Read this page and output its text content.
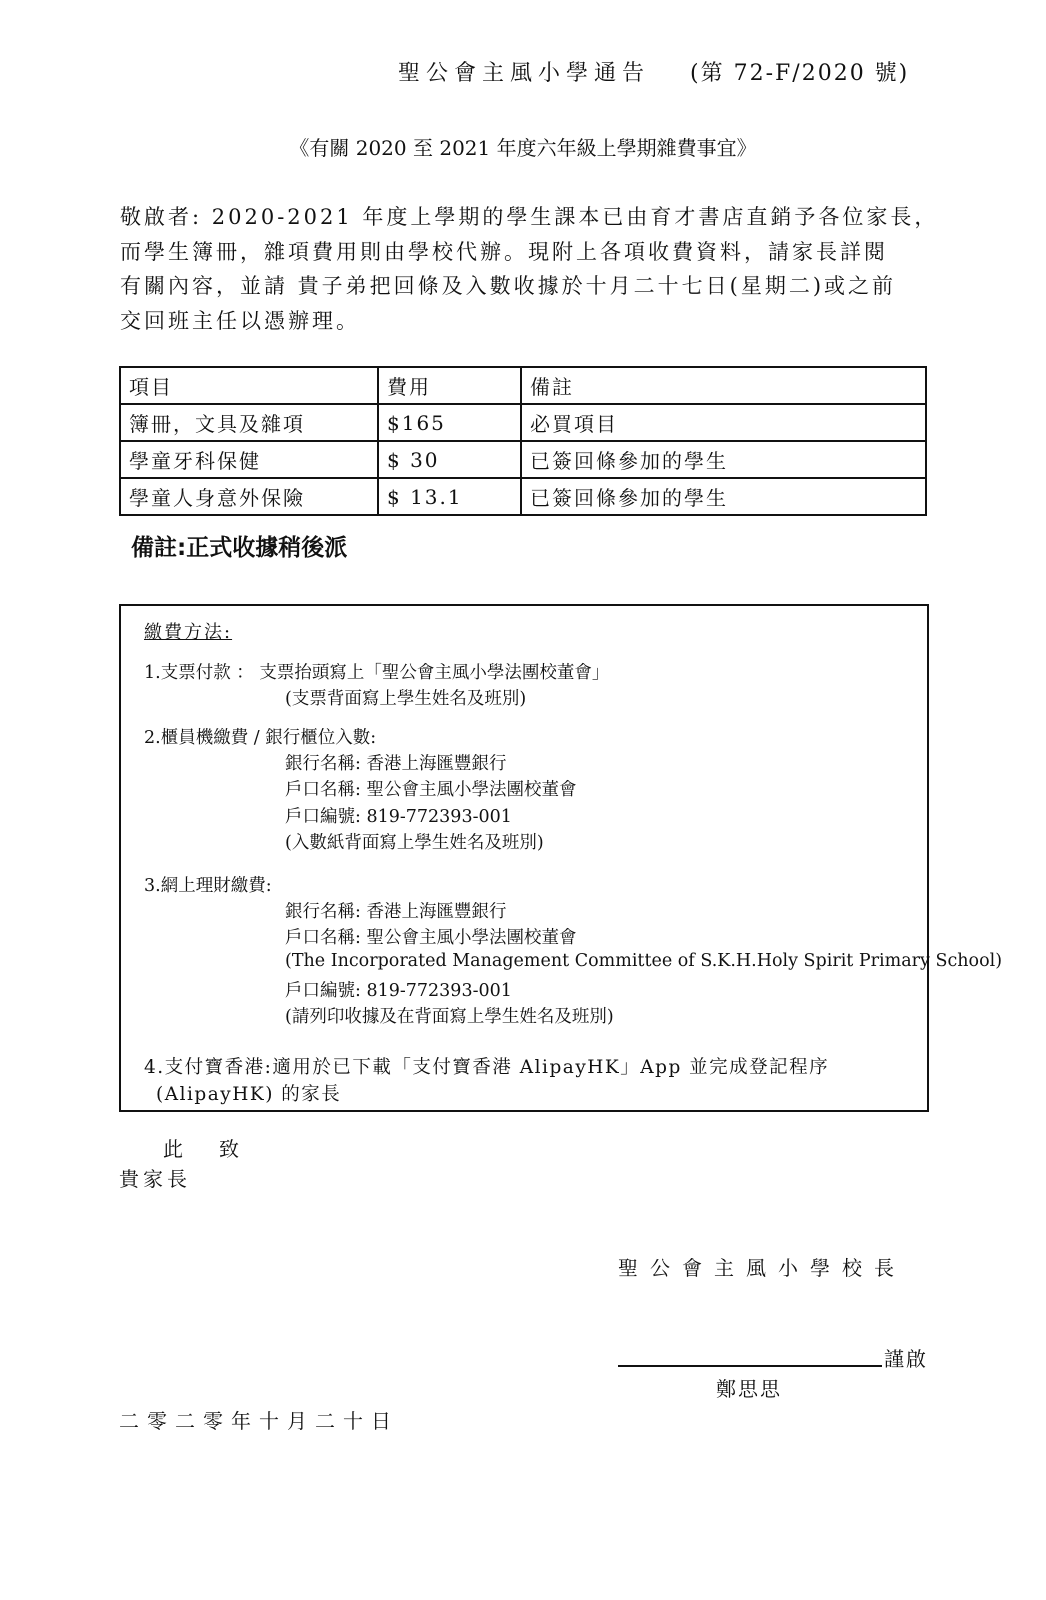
聖公會主風小學通告 (第 72-F/2020 號)
《有關 2020 至 2021 年度六年級上學期雜費事宜》

敬啟者: 2020-2021 年度上學期的學生課本已由育才書店直銷予各位家長，

而學生簿冊，雜項費用則由學校代辦。現附上各項收費資料，請家長詳閱

有關內容，並請 貴子弟把回條及入數收據於十月二十七日(星期二)或之前

交回班主任以憑辦理。

項目	費用	備註
簿冊，文具及雜項	$165	必買項目
學童牙科保健	$ 30	已簽回條參加的學生
學童人身意外保險	$ 13.1	已簽回條參加的學生
備註:正式收據稍後派
繳費方法:
1.支票付款 ： 支票抬頭寫上「聖公會主風小學法團校董會」
(支票背面寫上學生姓名及班別)
2.櫃員機繳費 / 銀行櫃位入數:
銀行名稱: 香港上海匯豐銀行
戶口名稱: 聖公會主風小學法團校董會
戶口編號: 819-772393-001
(入數紙背面寫上學生姓名及班別)
3.網上理財繳費:
銀行名稱: 香港上海匯豐銀行
戶口名稱: 聖公會主風小學法團校董會
(The Incorporated Management Committee of S.K.H.Holy Spirit Primary School)
戶口編號: 819-772393-001
(請列印收據及在背面寫上學生姓名及班別)

4.支付寶香港:適用於已下載「支付寶香港 AlipayHK」App 並完成登記程序

(AlipayHK) 的家長

此 致
貴家長
聖公會主風小學校長
謹啟
鄭思思
二零二零年十月二十日
